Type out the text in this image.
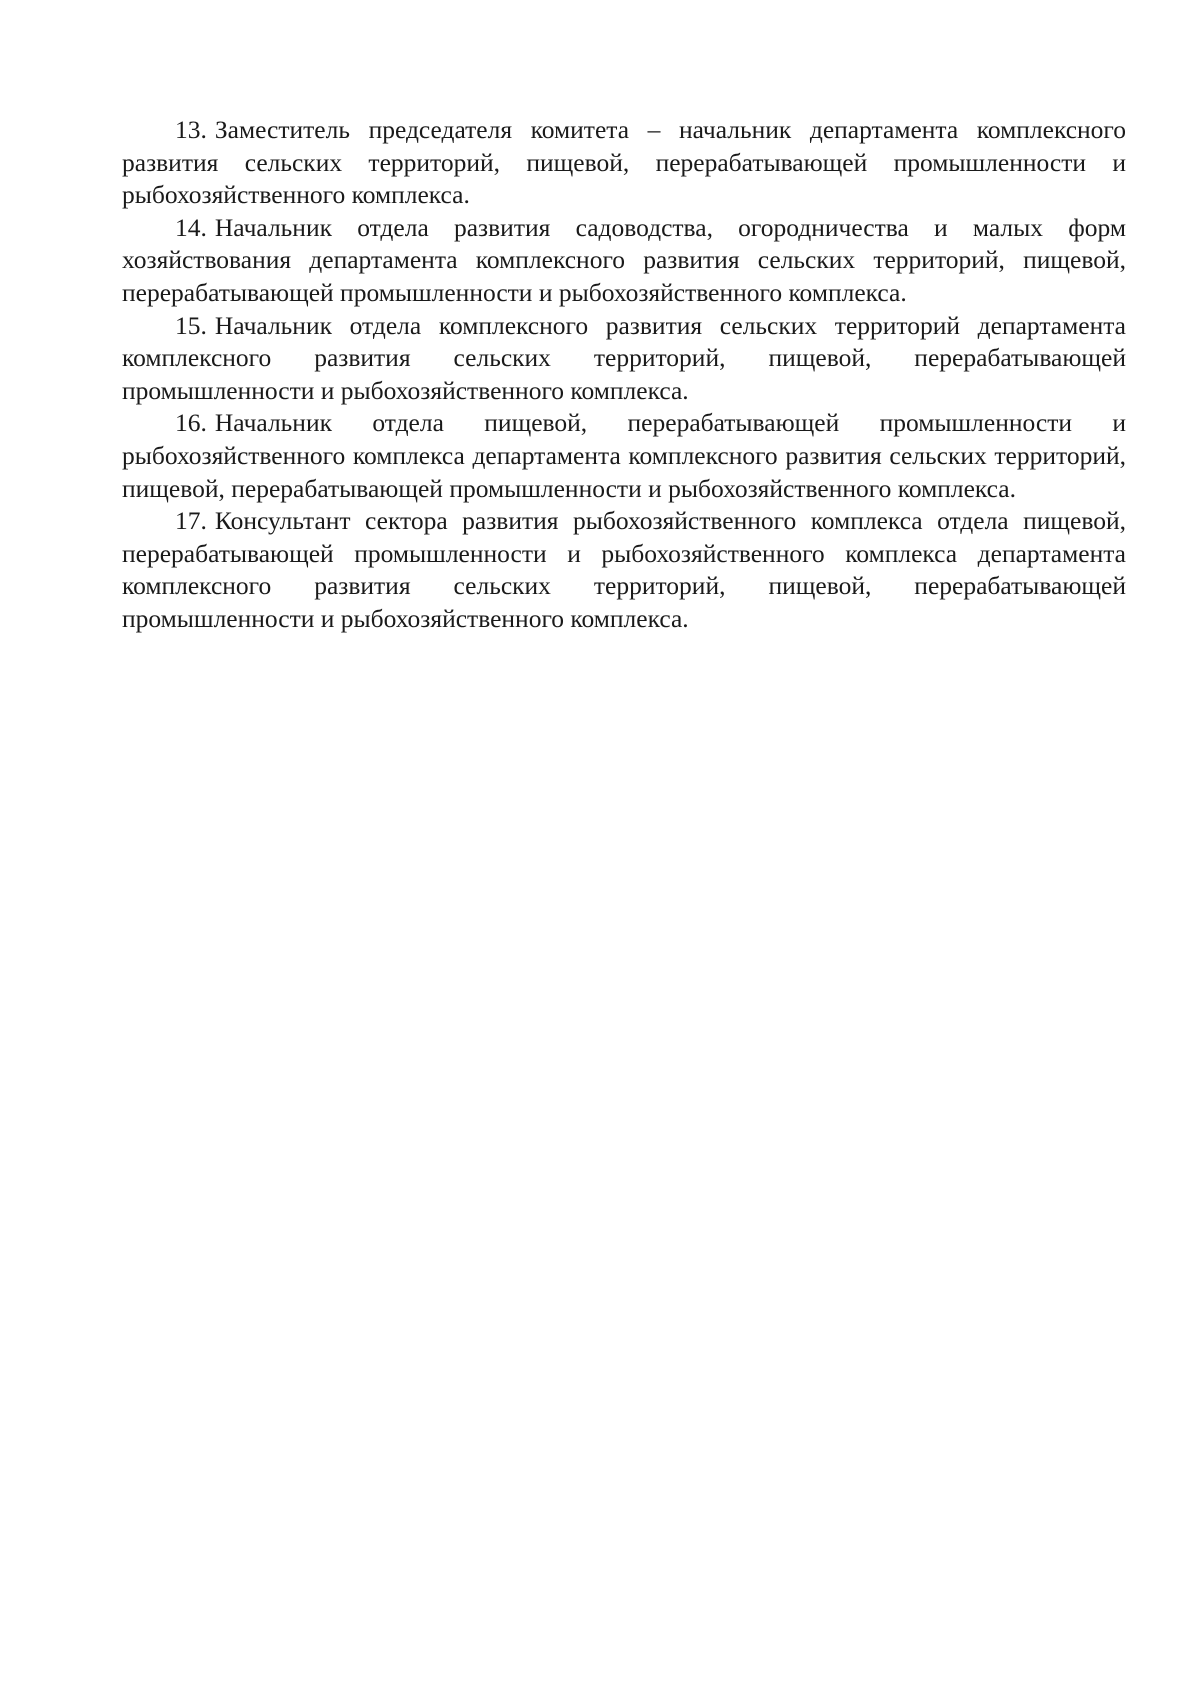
13. Заместитель председателя комитета – начальник департамента комплексного развития сельских территорий, пищевой, перерабатывающей промышленности и рыбохозяйственного комплекса.

14. Начальник отдела развития садоводства, огородничества и малых форм хозяйствования департамента комплексного развития сельских территорий, пищевой, перерабатывающей промышленности и рыбохозяйственного комплекса.

15. Начальник отдела комплексного развития сельских территорий департамента комплексного развития сельских территорий, пищевой, перерабатывающей промышленности и рыбохозяйственного комплекса.

16. Начальник отдела пищевой, перерабатывающей промышленности и рыбохозяйственного комплекса департамента комплексного развития сельских территорий, пищевой, перерабатывающей промышленности и рыбохозяйственного комплекса.

17. Консультант сектора развития рыбохозяйственного комплекса отдела пищевой, перерабатывающей промышленности и рыбохозяйственного комплекса департамента комплексного развития сельских территорий, пищевой, перерабатывающей промышленности и рыбохозяйственного комплекса.
